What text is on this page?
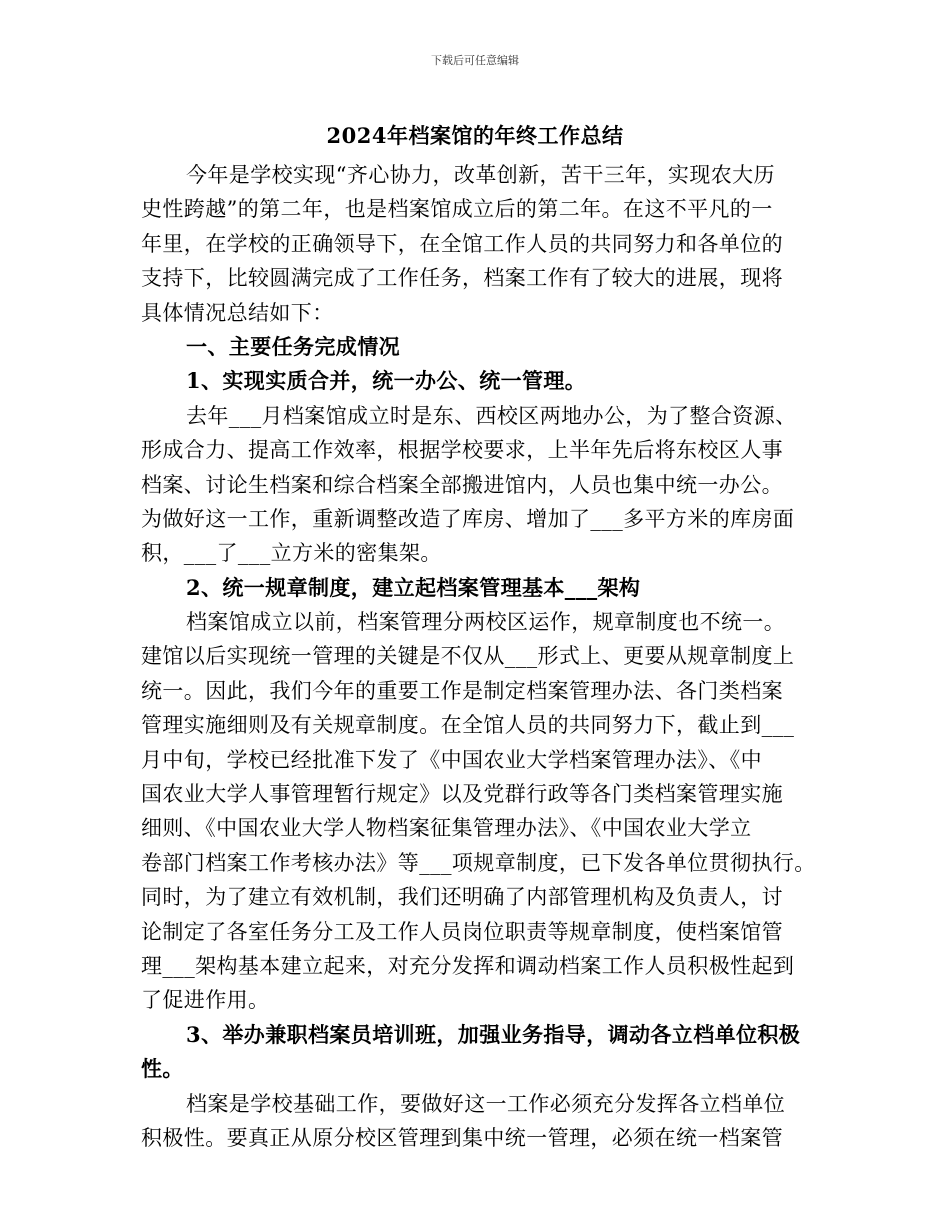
下载后可任意编辑
2024年档案馆的年终工作总结
今年是学校实现“齐心协力，改革创新，苦干三年，实现农大历
史性跨越”的第二年，也是档案馆成立后的第二年。在这不平凡的一
年里，在学校的正确领导下，在全馆工作人员的共同努力和各单位的
支持下，比较圆满完成了工作任务，档案工作有了较大的进展，现将
具体情况总结如下：
一、主要任务完成情况
1、实现实质合并，统一办公、统一管理。
去年___月档案馆成立时是东、西校区两地办公，为了整合资源、
形成合力、提高工作效率，根据学校要求，上半年先后将东校区人事
档案、讨论生档案和综合档案全部搬进馆内，人员也集中统一办公。
为做好这一工作，重新调整改造了库房、增加了___多平方米的库房面
积，___了___立方米的密集架。
2、统一规章制度，建立起档案管理基本___架构
档案馆成立以前，档案管理分两校区运作，规章制度也不统一。
建馆以后实现统一管理的关键是不仅从___形式上、更要从规章制度上
统一。因此，我们今年的重要工作是制定档案管理办法、各门类档案
管理实施细则及有关规章制度。在全馆人员的共同努力下，截止到___
月中旬，学校已经批准下发了《中国农业大学档案管理办法》、《中
国农业大学人事管理暂行规定》以及党群行政等各门类档案管理实施
细则、《中国农业大学人物档案征集管理办法》、《中国农业大学立
卷部门档案工作考核办法》等___项规章制度，已下发各单位贯彻执行。
同时，为了建立有效机制，我们还明确了内部管理机构及负责人，讨
论制定了各室任务分工及工作人员岗位职责等规章制度，使档案馆管
理___架构基本建立起来，对充分发挥和调动档案工作人员积极性起到
了促进作用。
3、举办兼职档案员培训班，加强业务指导，调动各立档单位积极
性。
档案是学校基础工作，要做好这一工作必须充分发挥各立档单位
积极性。要真正从原分校区管理到集中统一管理，必须在统一档案管
